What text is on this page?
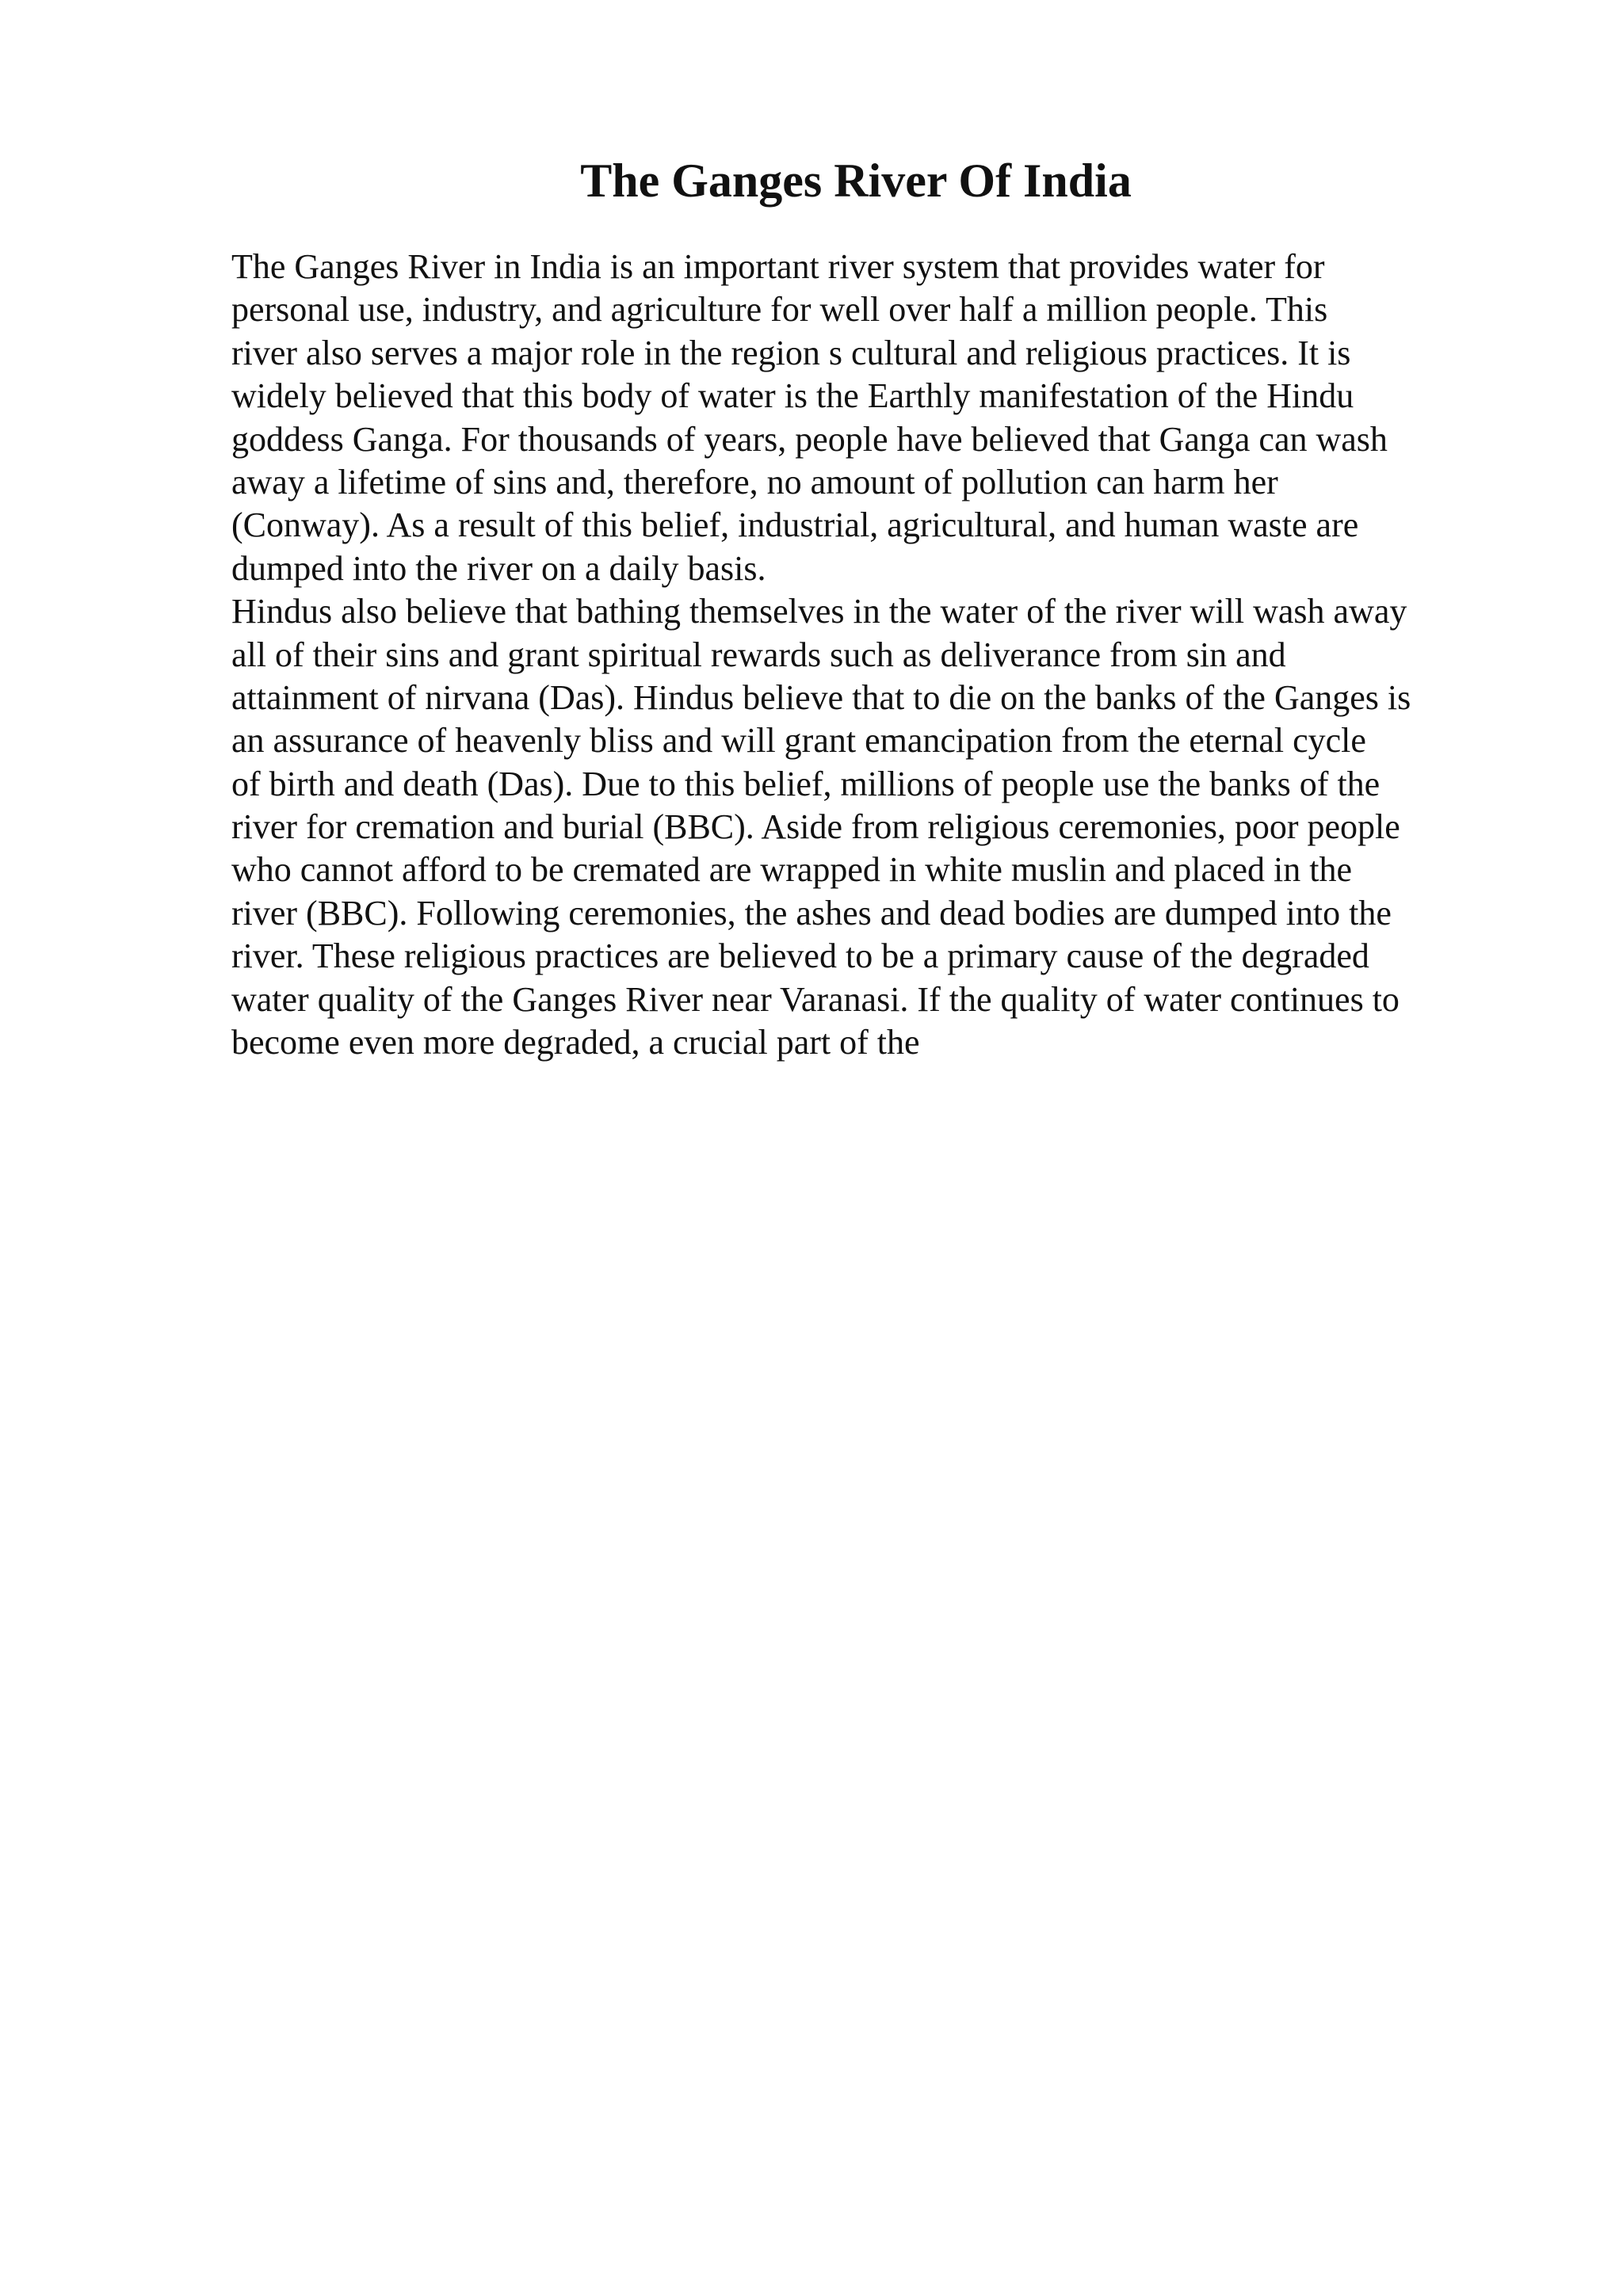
The Ganges River Of India
The Ganges River in India is an important river system that provides water for
personal use, industry, and agriculture for well over half a million people. This
river also serves a major role in the region s cultural and religious practices. It is
widely believed that this body of water is the Earthly manifestation of the Hindu
goddess Ganga. For thousands of years, people have believed that Ganga can wash
away a lifetime of sins and, therefore, no amount of pollution can harm her
(Conway). As a result of this belief, industrial, agricultural, and human waste are
dumped into the river on a daily basis.
Hindus also believe that bathing themselves in the water of the river will wash away
all of their sins and grant spiritual rewards such as deliverance from sin and
attainment of nirvana (Das). Hindus believe that to die on the banks of the Ganges is
an assurance of heavenly bliss and will grant emancipation from the eternal cycle
of birth and death (Das). Due to this belief, millions of people use the banks of the
river for cremation and burial (BBC). Aside from religious ceremonies, poor people
who cannot afford to be cremated are wrapped in white muslin and placed in the
river (BBC). Following ceremonies, the ashes and dead bodies are dumped into the
river. These religious practices are believed to be a primary cause of the degraded
water quality of the Ganges River near Varanasi. If the quality of water continues to
become even more degraded, a crucial part of the
